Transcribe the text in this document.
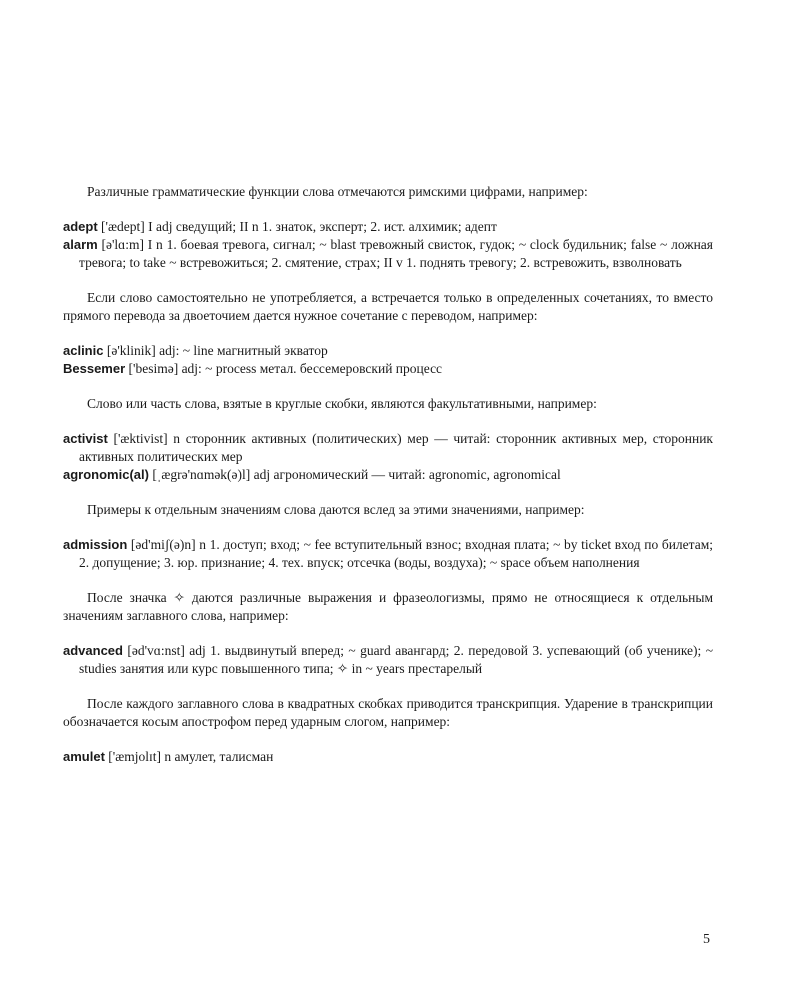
Различные грамматические функции слова отмечаются римскими цифрами, например:

adept ['ædept] I adj сведущий; II n 1. знаток, эксперт; 2. ист. алхимик; адепт

alarm [ə'lɑ:m] I n 1. боевая тревога, сигнал; ~ blast тревожный свисток, гудок; ~ clock будильник; false ~ ложная тревога; to take ~ встревожиться; 2. смятение, страх; II v 1. поднять тревогу; 2. встревожить, взволновать

Если слово самостоятельно не употребляется, а встречается только в определенных сочетаниях, то вместо прямого перевода за двоеточием дается нужное сочетание с переводом, например:

aclinic [ə'klinik] adj: ~ line магнитный экватор

Bessemer ['besimə] adj: ~ process метал. бессемеровский процесс

Слово или часть слова, взятые в круглые скобки, являются факультативными, например:

activist ['æktivist] n сторонник активных (политических) мер — читай: сторонник активных мер, сторонник активных политических мер

agronomic(al) [ˌægrə'nɑmək(ə)l] adj агрономический — читай: agronomic, agronomical

Примеры к отдельным значениям слова даются вслед за этими значениями, например:

admission [əd'miʃ(ə)n] n 1. доступ; вход; ~ fee вступительный взнос; входная плата; ~ by ticket вход по билетам; 2. допущение; 3. юр. признание; 4. тех. впуск; отсечка (воды, воздуха); ~ space объем наполнения

После значка ✧ даются различные выражения и фразеологизмы, прямо не относящиеся к отдельным значениям заглавного слова, например:

advanced [əd'vɑ:nst] adj 1. выдвинутый вперед; ~ guard авангард; 2. передовой 3. успевающий (об ученике); ~ studies занятия или курс повышенного типа; ✧ in ~ years престарелый

После каждого заглавного слова в квадратных скобках приводится транскрипция. Ударение в транскрипции обозначается косым апострофом перед ударным слогом, например:

amulet ['æmjolɪt] n амулет, талисман

5
